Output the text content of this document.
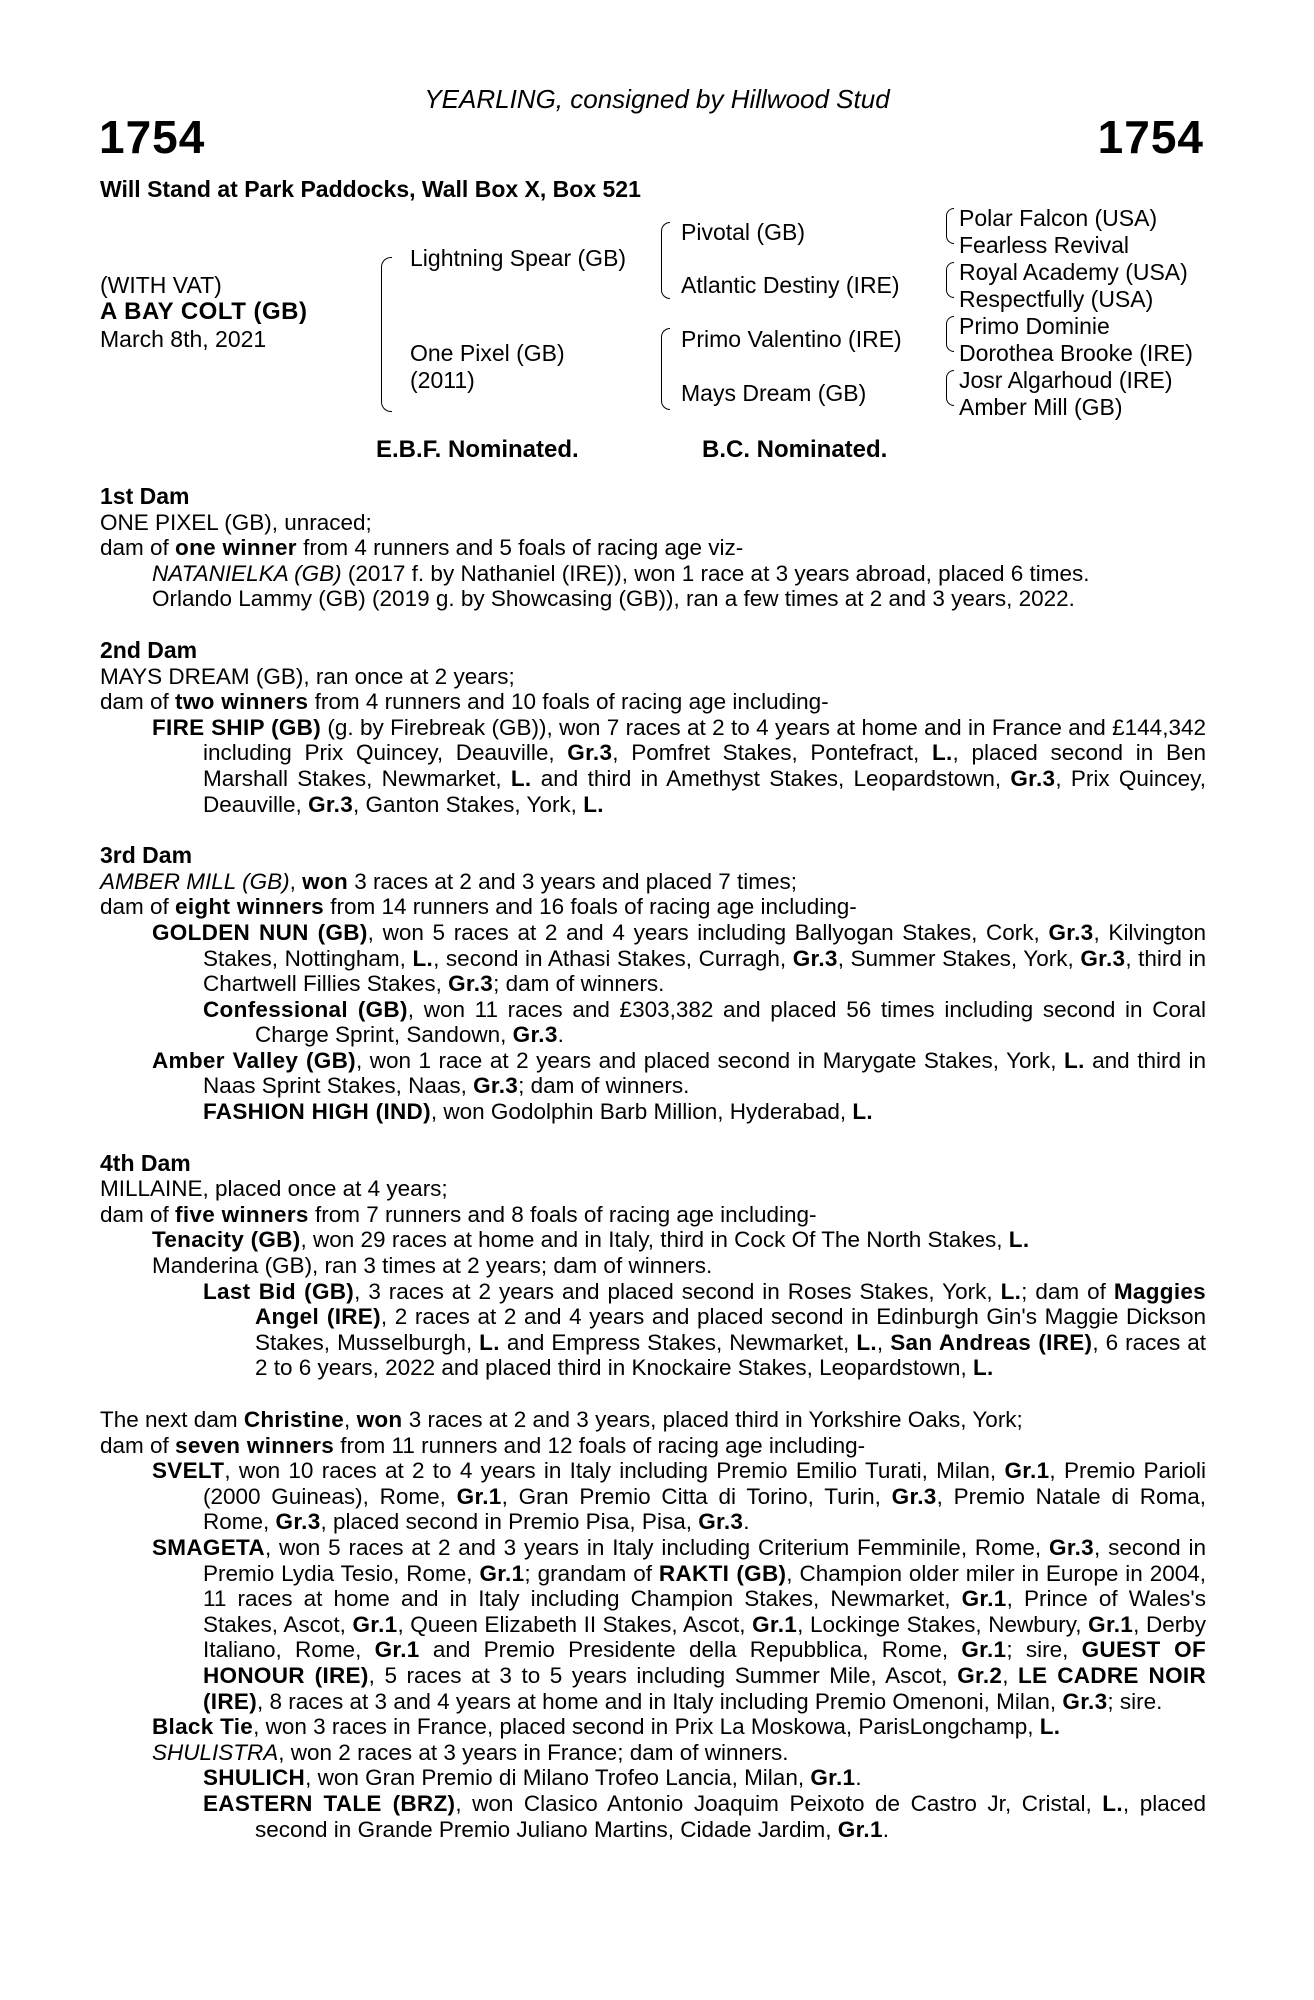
YEARLING, consigned by Hillwood Stud
1754	1754
Will Stand at Park Paddocks, Wall Box X, Box 521
(WITH VAT)
A BAY COLT (GB)
March 8th, 2021
Lightning Spear (GB)
One Pixel (GB)
(2011)
Pivotal (GB)
Atlantic Destiny (IRE)
Primo Valentino (IRE)
Mays Dream (GB)
Polar Falcon (USA)
Fearless Revival
Royal Academy (USA)
Respectfully (USA)
Primo Dominie
Dorothea Brooke (IRE)
Josr Algarhoud (IRE)
Amber Mill (GB)
E.B.F. Nominated.	B.C. Nominated.

1st Dam

ONE PIXEL (GB), unraced;

dam of one winner from 4 runners and 5 foals of racing age viz-

NATANIELKA (GB) (2017 f. by Nathaniel (IRE)), won 1 race at 3 years abroad, placed 6 times.

Orlando Lammy (GB) (2019 g. by Showcasing (GB)), ran a few times at 2 and 3 years, 2022.

2nd Dam

MAYS DREAM (GB), ran once at 2 years;

dam of two winners from 4 runners and 10 foals of racing age including-

FIRE SHIP (GB) (g. by Firebreak (GB)), won 7 races at 2 to 4 years at home and in France and £144,342 including Prix Quincey, Deauville, Gr.3, Pomfret Stakes, Pontefract, L., placed second in Ben Marshall Stakes, Newmarket, L. and third in Amethyst Stakes, Leopardstown, Gr.3, Prix Quincey, Deauville, Gr.3, Ganton Stakes, York, L.

3rd Dam

AMBER MILL (GB), won 3 races at 2 and 3 years and placed 7 times;

dam of eight winners from 14 runners and 16 foals of racing age including-

GOLDEN NUN (GB), won 5 races at 2 and 4 years including Ballyogan Stakes, Cork, Gr.3, Kilvington Stakes, Nottingham, L., second in Athasi Stakes, Curragh, Gr.3, Summer Stakes, York, Gr.3, third in Chartwell Fillies Stakes, Gr.3; dam of winners.

Confessional (GB), won 11 races and £303,382 and placed 56 times including second in Coral Charge Sprint, Sandown, Gr.3.

Amber Valley (GB), won 1 race at 2 years and placed second in Marygate Stakes, York, L. and third in Naas Sprint Stakes, Naas, Gr.3; dam of winners.

FASHION HIGH (IND), won Godolphin Barb Million, Hyderabad, L.

4th Dam

MILLAINE, placed once at 4 years;

dam of five winners from 7 runners and 8 foals of racing age including-

Tenacity (GB), won 29 races at home and in Italy, third in Cock Of The North Stakes, L.

Manderina (GB), ran 3 times at 2 years; dam of winners.

Last Bid (GB), 3 races at 2 years and placed second in Roses Stakes, York, L.; dam of Maggies Angel (IRE), 2 races at 2 and 4 years and placed second in Edinburgh Gin's Maggie Dickson Stakes, Musselburgh, L. and Empress Stakes, Newmarket, L., San Andreas (IRE), 6 races at 2 to 6 years, 2022 and placed third in Knockaire Stakes, Leopardstown, L.

The next dam Christine, won 3 races at 2 and 3 years, placed third in Yorkshire Oaks, York;

dam of seven winners from 11 runners and 12 foals of racing age including-

SVELT, won 10 races at 2 to 4 years in Italy including Premio Emilio Turati, Milan, Gr.1, Premio Parioli (2000 Guineas), Rome, Gr.1, Gran Premio Citta di Torino, Turin, Gr.3, Premio Natale di Roma, Rome, Gr.3, placed second in Premio Pisa, Pisa, Gr.3.

SMAGETA, won 5 races at 2 and 3 years in Italy including Criterium Femminile, Rome, Gr.3, second in Premio Lydia Tesio, Rome, Gr.1; grandam of RAKTI (GB), Champion older miler in Europe in 2004, 11 races at home and in Italy including Champion Stakes, Newmarket, Gr.1, Prince of Wales's Stakes, Ascot, Gr.1, Queen Elizabeth II Stakes, Ascot, Gr.1, Lockinge Stakes, Newbury, Gr.1, Derby Italiano, Rome, Gr.1 and Premio Presidente della Repubblica, Rome, Gr.1; sire, GUEST OF HONOUR (IRE), 5 races at 3 to 5 years including Summer Mile, Ascot, Gr.2, LE CADRE NOIR (IRE), 8 races at 3 and 4 years at home and in Italy including Premio Omenoni, Milan, Gr.3; sire.

Black Tie, won 3 races in France, placed second in Prix La Moskowa, ParisLongchamp, L.

SHULISTRA, won 2 races at 3 years in France; dam of winners.

SHULICH, won Gran Premio di Milano Trofeo Lancia, Milan, Gr.1.

EASTERN TALE (BRZ), won Clasico Antonio Joaquim Peixoto de Castro Jr, Cristal, L., placed second in Grande Premio Juliano Martins, Cidade Jardim, Gr.1.
